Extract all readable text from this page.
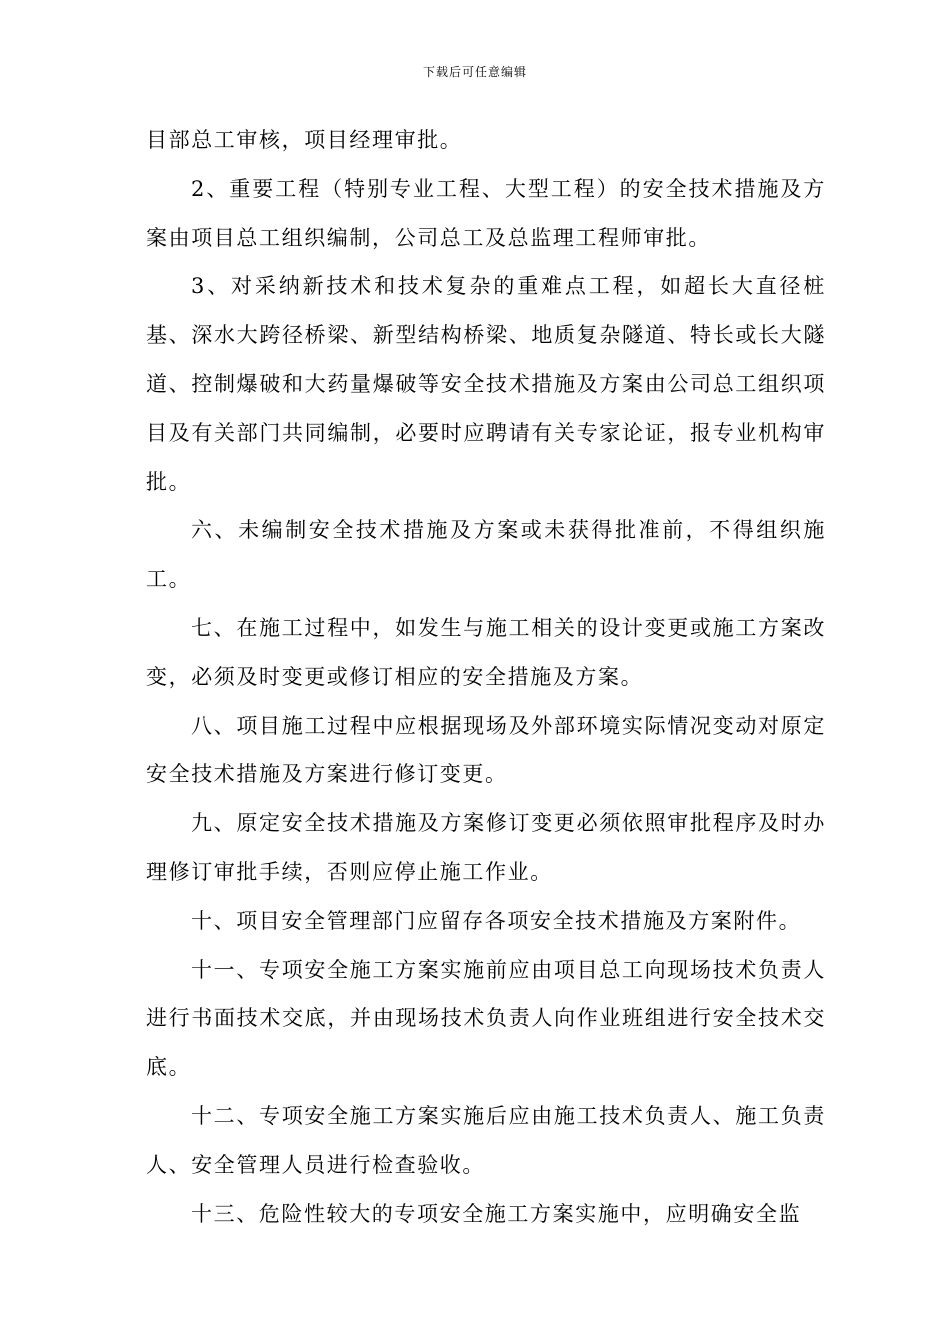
下载后可任意编辑

目部总工审核，项目经理审批。

2、重要工程（特别专业工程、大型工程）的安全技术措施及方案由项目总工组织编制，公司总工及总监理工程师审批。

3、对采纳新技术和技术复杂的重难点工程，如超长大直径桩基、深水大跨径桥梁、新型结构桥梁、地质复杂隧道、特长或长大隧道、控制爆破和大药量爆破等安全技术措施及方案由公司总工组织项目及有关部门共同编制，必要时应聘请有关专家论证，报专业机构审批。

六、未编制安全技术措施及方案或未获得批准前，不得组织施工。

七、在施工过程中，如发生与施工相关的设计变更或施工方案改变，必须及时变更或修订相应的安全措施及方案。

八、项目施工过程中应根据现场及外部环境实际情况变动对原定安全技术措施及方案进行修订变更。

九、原定安全技术措施及方案修订变更必须依照审批程序及时办理修订审批手续，否则应停止施工作业。

十、项目安全管理部门应留存各项安全技术措施及方案附件。

十一、专项安全施工方案实施前应由项目总工向现场技术负责人进行书面技术交底，并由现场技术负责人向作业班组进行安全技术交底。

十二、专项安全施工方案实施后应由施工技术负责人、施工负责人、安全管理人员进行检查验收。

十三、危险性较大的专项安全施工方案实施中，应明确安全监
